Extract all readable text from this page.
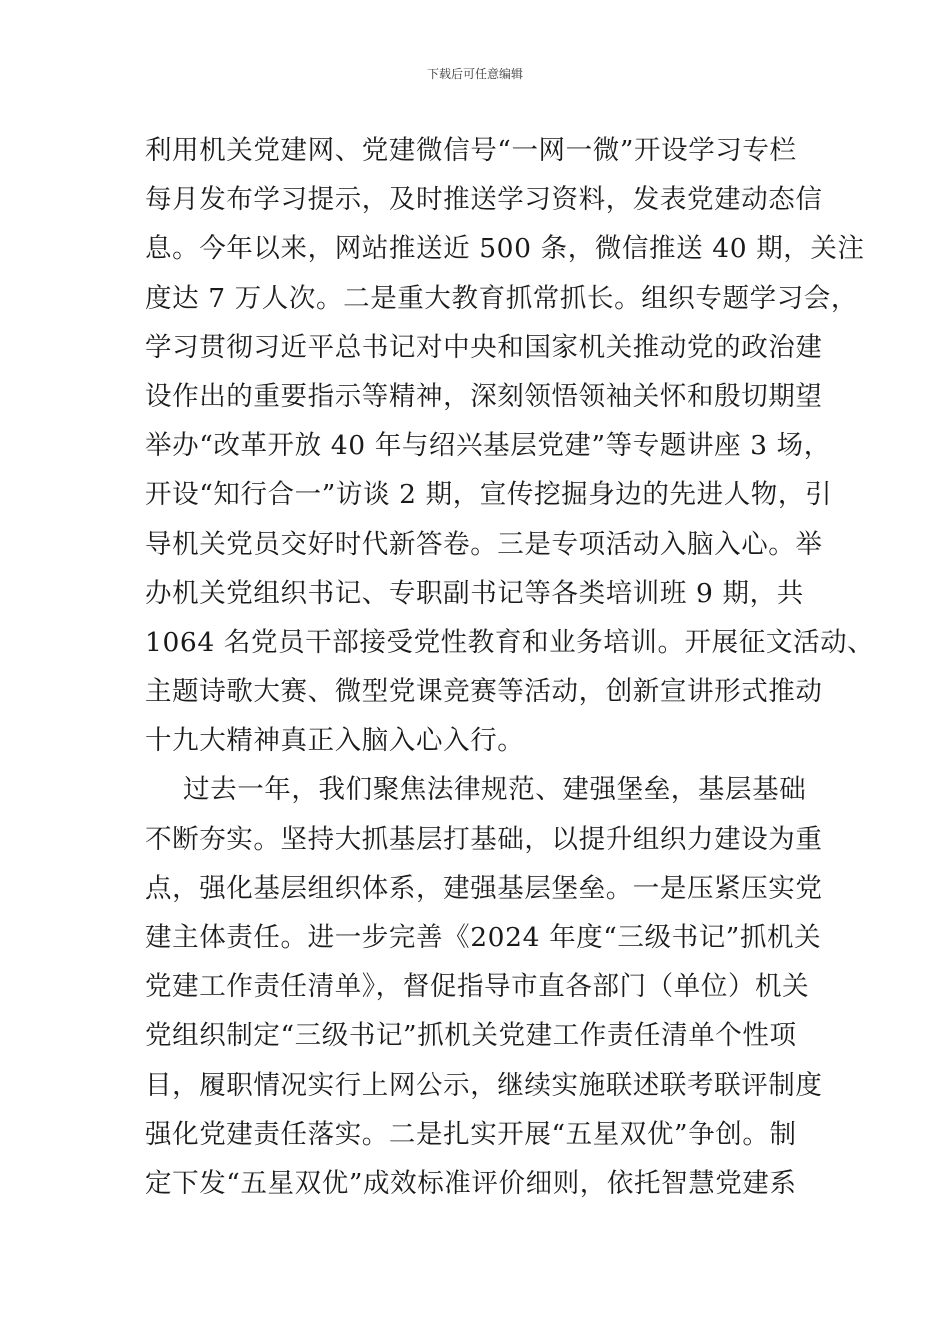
下载后可任意编辑
利用机关党建网、党建微信号“一网一微”开设学习专栏
每月发布学习提示，及时推送学习资料，发表党建动态信
息。今年以来，网站推送近 500 条，微信推送 40 期，关注
度达 7 万人次。二是重大教育抓常抓长。组织专题学习会，
学习贯彻习近平总书记对中央和国家机关推动党的政治建
设作出的重要指示等精神，深刻领悟领袖关怀和殷切期望
举办“改革开放 40 年与绍兴基层党建”等专题讲座 3 场，
开设“知行合一”访谈 2 期，宣传挖掘身边的先进人物，引
导机关党员交好时代新答卷。三是专项活动入脑入心。举
办机关党组织书记、专职副书记等各类培训班 9 期，共
1064 名党员干部接受党性教育和业务培训。开展征文活动、
主题诗歌大赛、微型党课竞赛等活动，创新宣讲形式推动
十九大精神真正入脑入心入行。
过去一年，我们聚焦法律规范、建强堡垒，基层基础
不断夯实。坚持大抓基层打基础，以提升组织力建设为重
点，强化基层组织体系，建强基层堡垒。一是压紧压实党
建主体责任。进一步完善《2024 年度“三级书记”抓机关
党建工作责任清单》，督促指导市直各部门（单位）机关
党组织制定“三级书记”抓机关党建工作责任清单个性项
目，履职情况实行上网公示，继续实施联述联考联评制度
强化党建责任落实。二是扎实开展“五星双优”争创。制
定下发“五星双优”成效标准评价细则，依托智慧党建系
